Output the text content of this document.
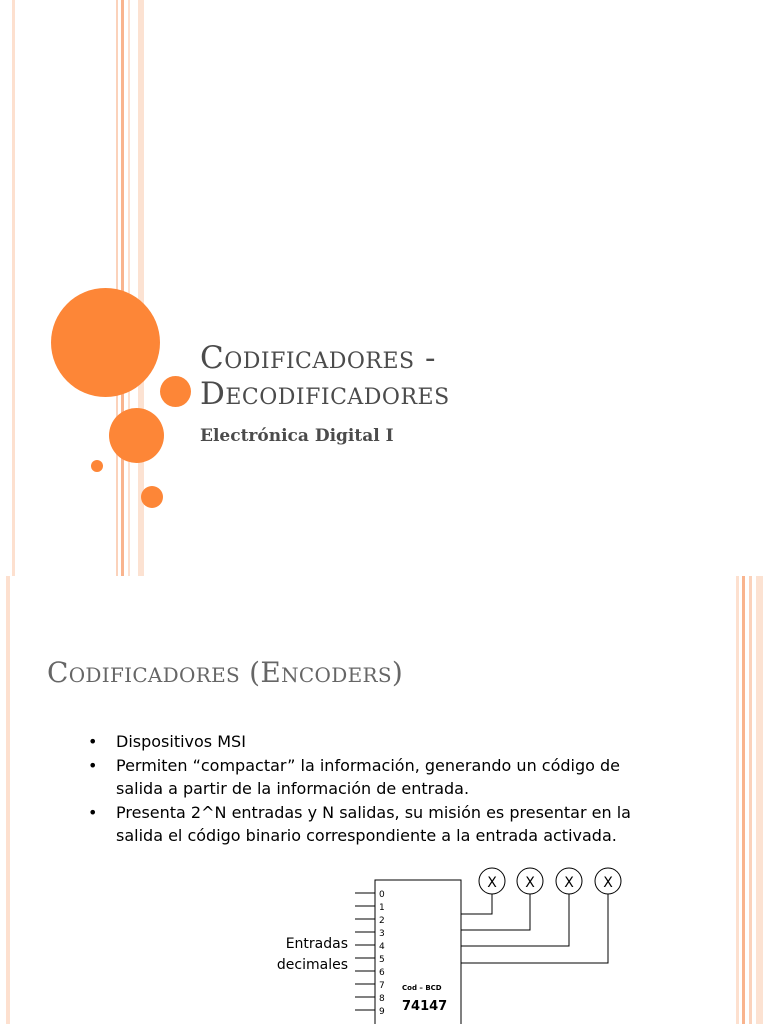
Codificadores -
Decodificadores
Electrónica Digital I
Codificadores (Encoders)
• Dispositivos MSI
• Permiten “compactar” la información, generando un código de salida a partir de la información de entrada.
• Presenta 2^N entradas y N salidas, su misión es presentar en la salida el código binario correspondiente a la entrada activada.
0
1
2
3
4
5
6
7
8
9
Entradas
decimales
Cod – BCD
74147
X X X X
